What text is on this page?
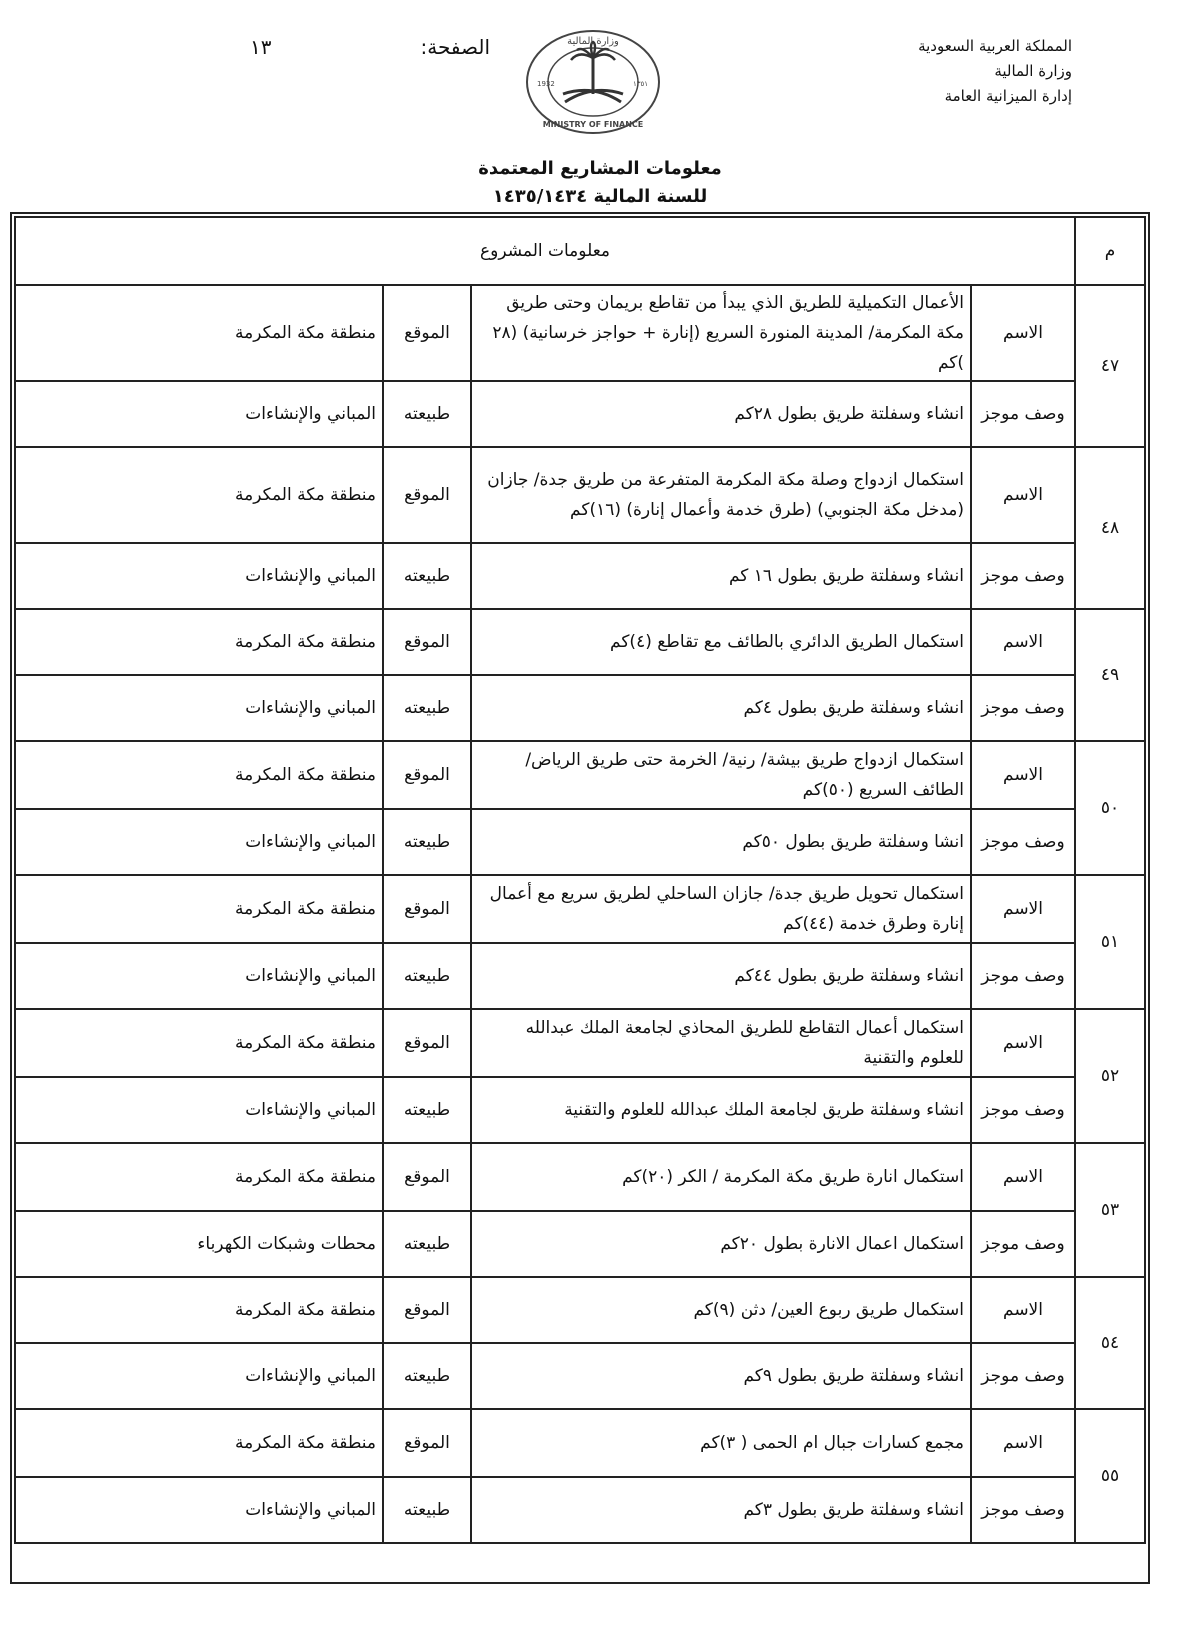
المملكة العربية السعودية
وزارة المالية
إدارة الميزانية العامة
الصفحة:
١٣	وزارة المالية
MINISTRY OF FINANCE
1932	١٣٥١
معلومات المشاريع المعتمدة
للسنة المالية ١٤٣٥/١٤٣٤
م	معلومات المشروع			
٤٧	الاسم	الأعمال التكميلية للطريق الذي يبدأ من تقاطع بريمان وحتى طريق مكة المكرمة/ المدينة المنورة السريع (إنارة + حواجز خرسانية) (٢٨ )كم	الموقع	منطقة مكة المكرمة
	وصف موجز	انشاء وسفلتة طريق بطول ٢٨كم	طبيعته	المباني والإنشاءات
٤٨	الاسم	استكمال ازدواج وصلة مكة المكرمة المتفرعة من طريق جدة/ جازان (مدخل مكة الجنوبي) (طرق خدمة وأعمال إنارة) (١٦)كم	الموقع	منطقة مكة المكرمة
	وصف موجز	انشاء وسفلتة طريق بطول ١٦ كم	طبيعته	المباني والإنشاءات
٤٩	الاسم	استكمال الطريق الدائري بالطائف مع تقاطع (٤)كم	الموقع	منطقة مكة المكرمة
	وصف موجز	انشاء وسفلتة طريق بطول ٤كم	طبيعته	المباني والإنشاءات
٥٠	الاسم	استكمال ازدواج طريق بيشة/ رنية/ الخرمة حتى طريق الرياض/ الطائف السريع (٥٠)كم	الموقع	منطقة مكة المكرمة
	وصف موجز	انشا وسفلتة طريق بطول ٥٠كم	طبيعته	المباني والإنشاءات
٥١	الاسم	استكمال تحويل طريق جدة/ جازان الساحلي لطريق سريع مع أعمال إنارة وطرق خدمة (٤٤)كم	الموقع	منطقة مكة المكرمة
	وصف موجز	انشاء وسفلتة طريق بطول ٤٤كم	طبيعته	المباني والإنشاءات
٥٢	الاسم	استكمال أعمال التقاطع للطريق المحاذي لجامعة الملك عبدالله للعلوم والتقنية	الموقع	منطقة مكة المكرمة
	وصف موجز	انشاء وسفلتة طريق لجامعة الملك عبدالله للعلوم والتقنية	طبيعته	المباني والإنشاءات
٥٣	الاسم	استكمال انارة طريق مكة المكرمة / الكر (٢٠)كم	الموقع	منطقة مكة المكرمة
	وصف موجز	استكمال اعمال الانارة بطول ٢٠كم	طبيعته	محطات وشبكات الكهرباء
٥٤	الاسم	استكمال طريق ربوع العين/ دثن (٩)كم	الموقع	منطقة مكة المكرمة
	وصف موجز	انشاء وسفلتة طريق بطول ٩كم	طبيعته	المباني والإنشاءات
٥٥	الاسم	مجمع كسارات جبال ام الحمى ( ٣)كم	الموقع	منطقة مكة المكرمة
	وصف موجز	انشاء وسفلتة طريق بطول ٣كم	طبيعته	المباني والإنشاءات
